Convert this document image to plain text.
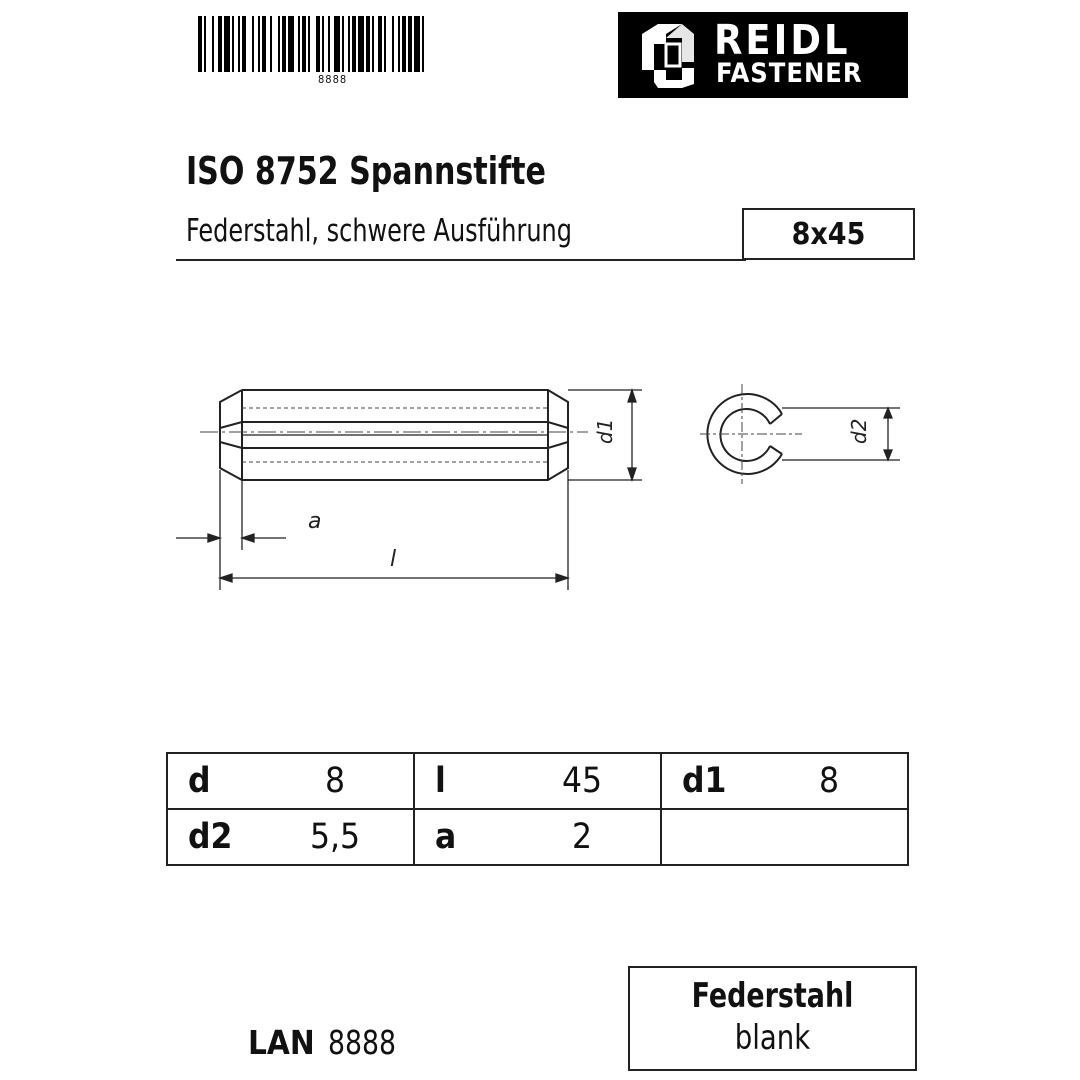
8888
REIDL
FASTENER
ISO 8752 Spannstifte
Federstahl, schwere Ausführung	8x45
d1
a
l
d2
d	8	l	45	d1	8
d2	5,5	a	2		
LAN 8888
Federstahl
blank
